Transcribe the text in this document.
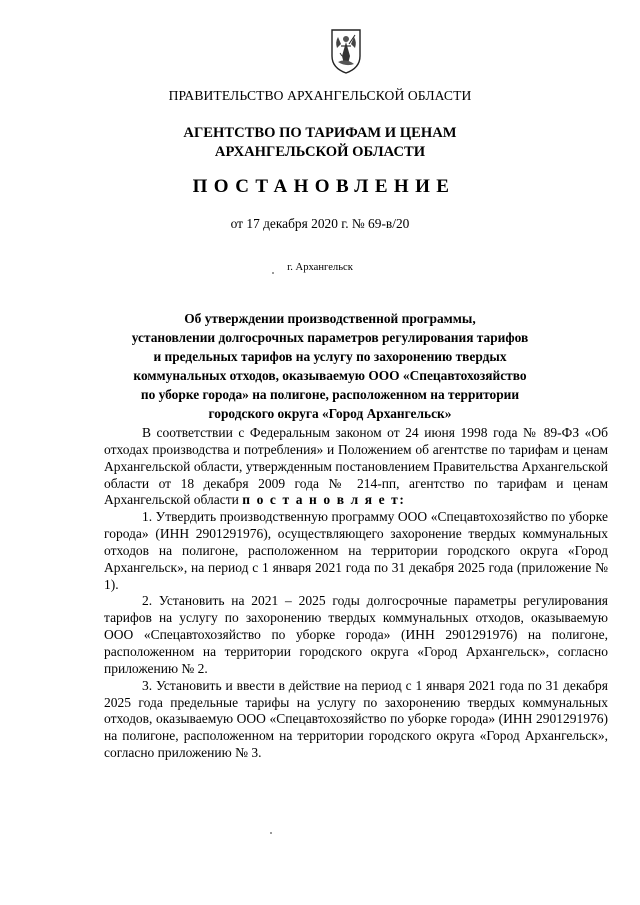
ПРАВИТЕЛЬСТВО АРХАНГЕЛЬСКОЙ ОБЛАСТИ
АГЕНТСТВО ПО ТАРИФАМ И ЦЕНАМ
АРХАНГЕЛЬСКОЙ ОБЛАСТИ
ПОСТАНОВЛЕНИЕ
от 17 декабря 2020 г. № 69-в/20
г. Архангельск
Об утверждении производственной программы,
установлении долгосрочных параметров регулирования тарифов
и предельных тарифов на услугу по захоронению твердых
коммунальных отходов, оказываемую ООО «Спецавтохозяйство
по уборке города» на полигоне, расположенном на территории
городского округа «Город Архангельск»

В соответствии с Федеральным законом от 24 июня 1998 года № 89-ФЗ «Об отходах производства и потребления» и Положением об агентстве по тарифам и ценам Архангельской области, утвержденным постановлением Правительства Архангельской области от 18 декабря 2009 года № 214-пп, агентство по тарифам и ценам Архангельской области п о с т а н о в л я е т:

1. Утвердить производственную программу ООО «Спецавтохозяйство по уборке города» (ИНН 2901291976), осуществляющего захоронение твердых коммунальных отходов на полигоне, расположенном на территории городского округа «Город Архангельск», на период с 1 января 2021 года по 31 декабря 2025 года (приложение № 1).

2. Установить на 2021 – 2025 годы долгосрочные параметры регулирования тарифов на услугу по захоронению твердых коммунальных отходов, оказываемую ООО «Спецавтохозяйство по уборке города» (ИНН 2901291976) на полигоне, расположенном на территории городского округа «Город Архангельск», согласно приложению № 2.

3. Установить и ввести в действие на период с 1 января 2021 года по 31 декабря 2025 года предельные тарифы на услугу по захоронению твердых коммунальных отходов, оказываемую ООО «Спецавтохозяйство по уборке города» (ИНН 2901291976) на полигоне, расположенном на территории городского округа «Город Архангельск», согласно приложению № 3.
